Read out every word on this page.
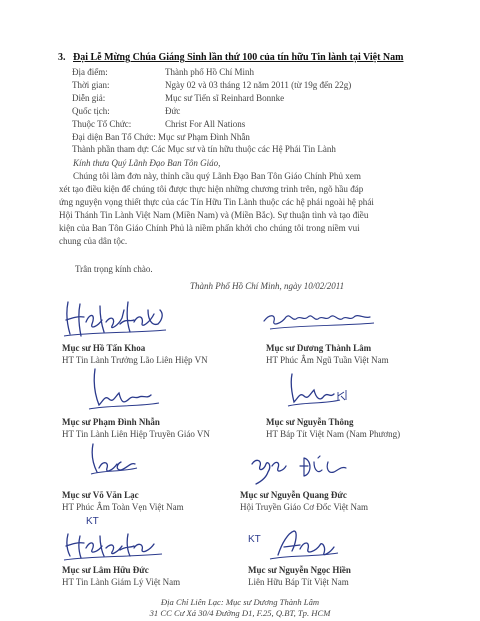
3. Đại Lễ Mừng Chúa Giáng Sinh lần thứ 100 của tín hữu Tin lành tại Việt Nam
Địa điểm:	Thành phố Hồ Chí Minh
Thời gian:	Ngày 02 và 03 tháng 12 năm 2011 (từ 19g đến 22g)
Diễn giả:	Mục sư Tiến sĩ Reinhard Bonnke
Quốc tịch:	Đức
Thuộc Tổ Chức:	Christ For All Nations
Đại diện Ban Tổ Chức: Mục sư Phạm Đình Nhẫn
Thành phần tham dự: Các Mục sư và tín hữu thuộc các Hệ Phái Tin Lành
Kính thưa Quý Lãnh Đạo Ban Tôn Giáo,
Chúng tôi làm đơn này, thỉnh cầu quý Lãnh Đạo Ban Tôn Giáo Chính Phủ xem
xét tạo điều kiện để chúng tôi được thực hiện những chương trình trên, ngõ hầu đáp
ứng nguyện vọng thiết thực của các Tín Hữu Tin Lành thuộc các hệ phái ngoài hệ phái
Hội Thánh Tin Lành Việt Nam (Miền Nam) và (Miền Bắc). Sự thuận tình và tạo điều
kiện của Ban Tôn Giáo Chính Phủ là niềm phấn khởi cho chúng tôi trong niềm vui
chung của dân tộc.
Trân trọng kính chào.
Thành Phố Hồ Chí Minh, ngày 10/02/2011
Mục sư Hồ Tấn Khoa
HT Tin Lành Trưởng Lão Liên Hiệp VN
Mục sư Dương Thành Lâm
HT Phúc Âm Ngũ Tuần Việt Nam
Mục sư Phạm Đình Nhẫn
HT Tin Lành Liên Hiệp Truyền Giáo VN
Mục sư Nguyễn Thông
HT Báp Tít Việt Nam (Nam Phương)
Mục sư Võ Văn Lạc
HT Phúc Âm Toàn Vẹn Việt Nam
Mục sư Nguyễn Quang Đức
Hội Truyền Giáo Cơ Đốc Việt Nam
KT
KT
Mục sư Lâm Hữu Đức
HT Tin Lành Giám Lý Việt Nam
Mục sư Nguyễn Ngọc Hiền
Liên Hữu Báp Tít Việt Nam
Địa Chỉ Liên Lạc: Mục sư Dương Thành Lâm
31 CC Cư Xá 30/4 Đường D1, F.25, Q.BT, Tp. HCM
